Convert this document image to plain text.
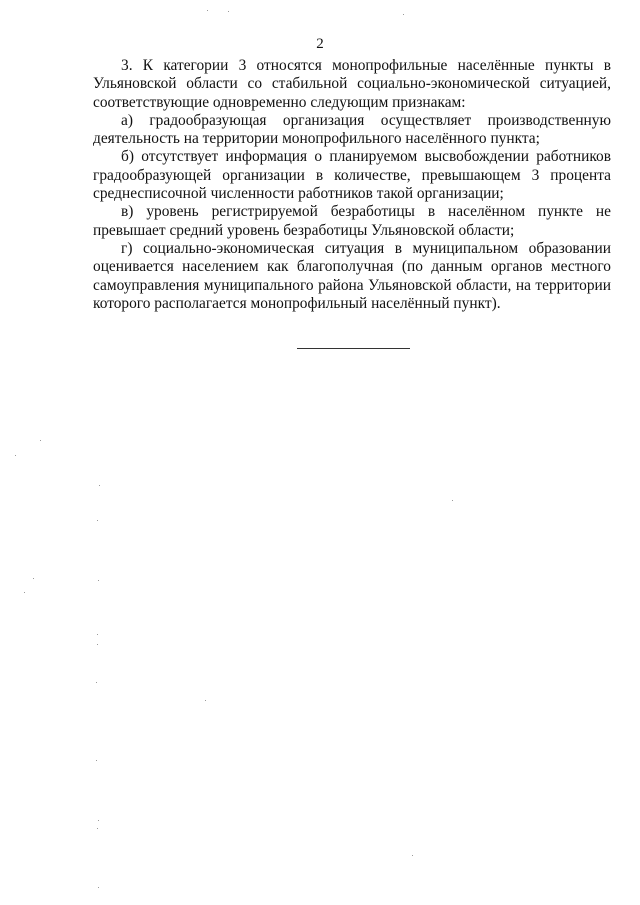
2

3. К категории 3 относятся монопрофильные населённые пункты в Ульяновской области со стабильной социально-экономической ситуацией, соответствующие одновременно следующим признакам:

а) градообразующая организация осуществляет производственную деятельность на территории монопрофильного населённого пункта;

б) отсутствует информация о планируемом высвобождении работников градообразующей организации в количестве, превышающем 3 процента среднесписочной численности работников такой организации;

в) уровень регистрируемой безработицы в населённом пункте не превышает средний уровень безработицы Ульяновской области;

г) социально-экономическая ситуация в муниципальном образовании оценивается населением как благополучная (по данным органов местного самоуправления муниципального района Ульяновской области, на территории которого располагается монопрофильный населённый пункт).
